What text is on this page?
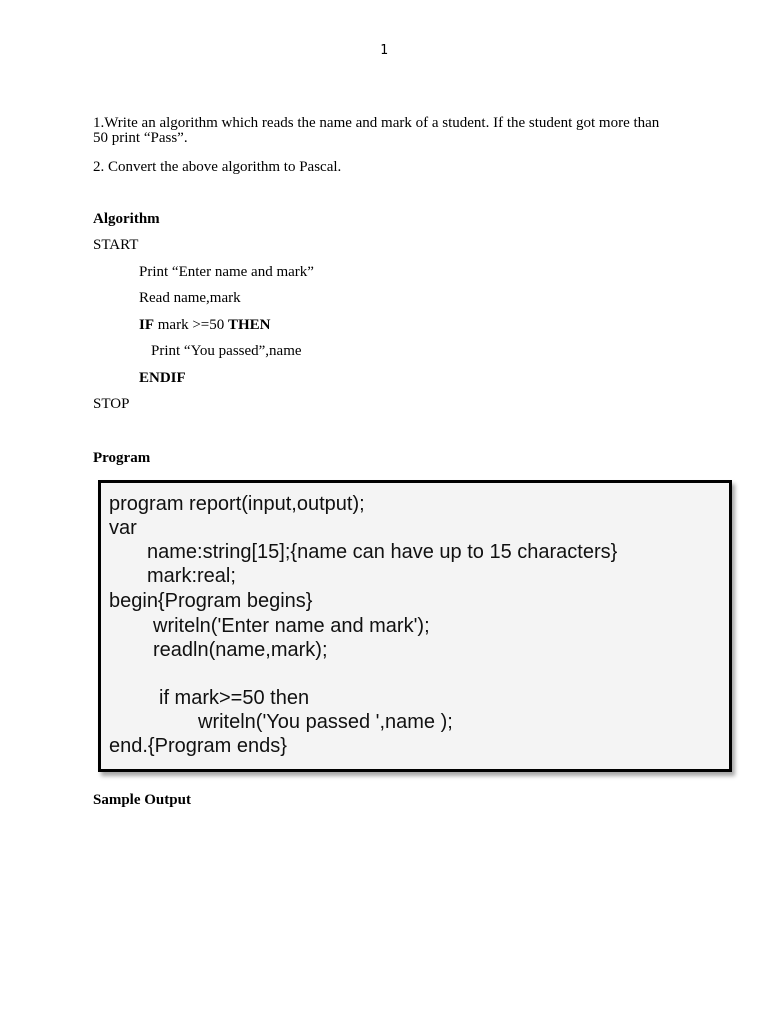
1

1.Write an algorithm which reads the name and mark of a student. If the student got more than 50 print “Pass”.

2. Convert the above algorithm to Pascal.

Algorithm
START
Print “Enter name and mark”
Read name,mark
IF mark >=50 THEN
Print “You passed”,name
ENDIF
STOP
Program
program report(input,output);
var
name:string[15];{name can have up to 15 characters}
mark:real;
begin{Program begins}
writeln('Enter name and mark');
readln(name,mark);
if mark>=50 then
writeln('You passed ',name );
end.{Program ends}
Sample Output
